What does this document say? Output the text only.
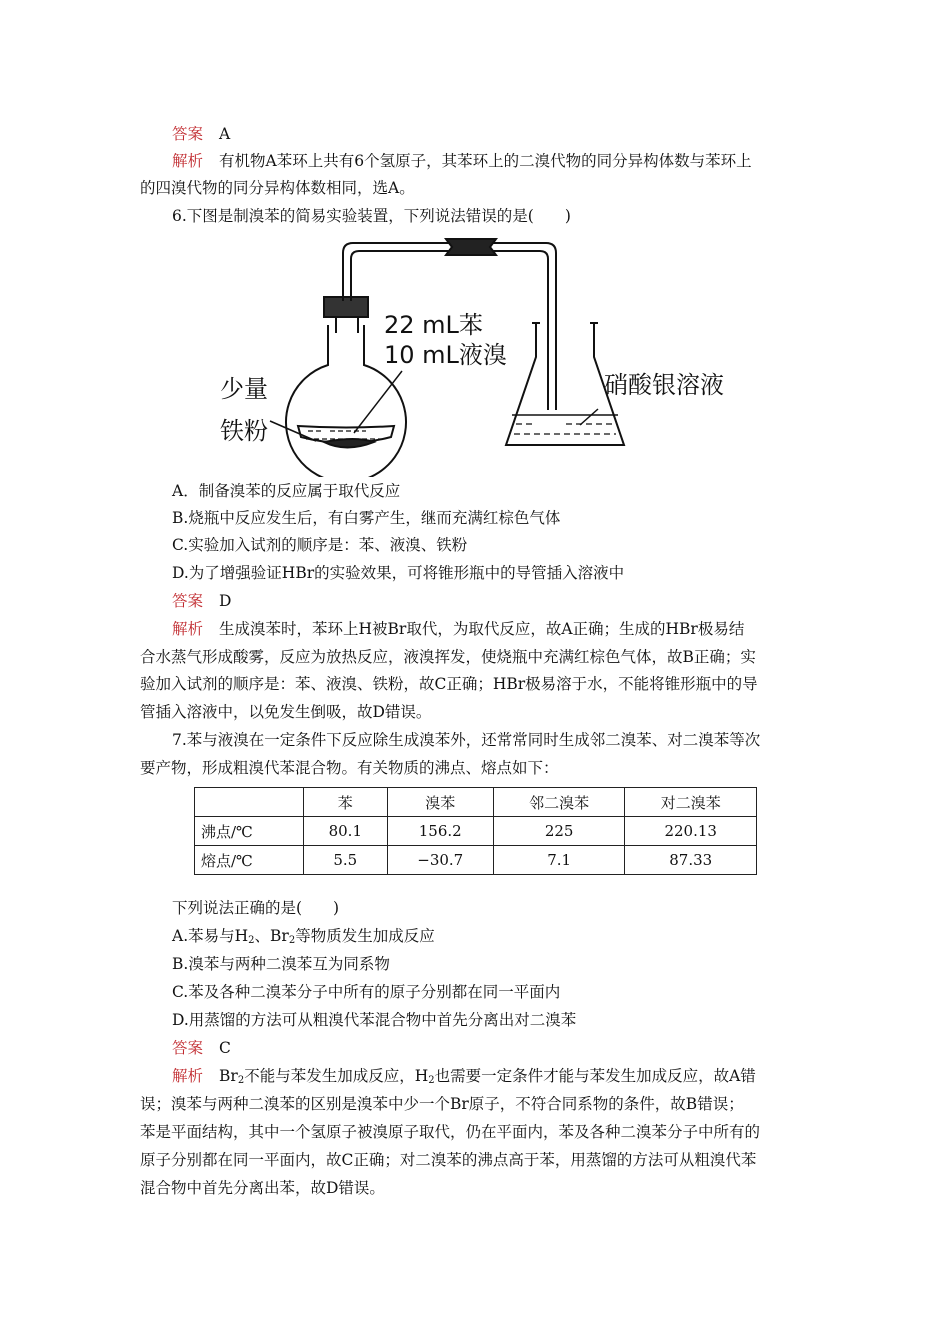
答案 A
解析 有机物A苯环上共有6个氢原子，其苯环上的二溴代物的同分异构体数与苯环上
的四溴代物的同分异构体数相同，选A。
6.下图是制溴苯的简易实验装置，下列说法错误的是(　　)
22 mL苯
10 mL液溴
少量
铁粉
硝酸银溶液
A．制备溴苯的反应属于取代反应
B.烧瓶中反应发生后，有白雾产生，继而充满红棕色气体
C.实验加入试剂的顺序是：苯、液溴、铁粉
D.为了增强验证HBr的实验效果，可将锥形瓶中的导管插入溶液中
答案 D
解析 生成溴苯时，苯环上H被Br取代，为取代反应，故A正确；生成的HBr极易结
合水蒸气形成酸雾，反应为放热反应，液溴挥发，使烧瓶中充满红棕色气体，故B正确；实
验加入试剂的顺序是：苯、液溴、铁粉，故C正确；HBr极易溶于水，不能将锥形瓶中的导
管插入溶液中，以免发生倒吸，故D错误。
7.苯与液溴在一定条件下反应除生成溴苯外，还常常同时生成邻二溴苯、对二溴苯等次
要产物，形成粗溴代苯混合物。有关物质的沸点、熔点如下：
	苯	溴苯	邻二溴苯	对二溴苯
沸点/℃	80.1	156.2	225	220.13
熔点/℃	5.5	−30.7	7.1	87.33
下列说法正确的是(　　)
A.苯易与$H_2$、$Br_2$等物质发生加成反应
B.溴苯与两种二溴苯互为同系物
C.苯及各种二溴苯分子中所有的原子分别都在同一平面内
D.用蒸馏的方法可从粗溴代苯混合物中首先分离出对二溴苯
答案 C
解析 $Br_2$不能与苯发生加成反应，$H_2$也需要一定条件才能与苯发生加成反应，故A错
误；溴苯与两种二溴苯的区别是溴苯中少一个Br原子，不符合同系物的条件，故B错误；
苯是平面结构，其中一个氢原子被溴原子取代，仍在平面内，苯及各种二溴苯分子中所有的
原子分别都在同一平面内，故C正确；对二溴苯的沸点高于苯，用蒸馏的方法可从粗溴代苯
混合物中首先分离出苯，故D错误。
